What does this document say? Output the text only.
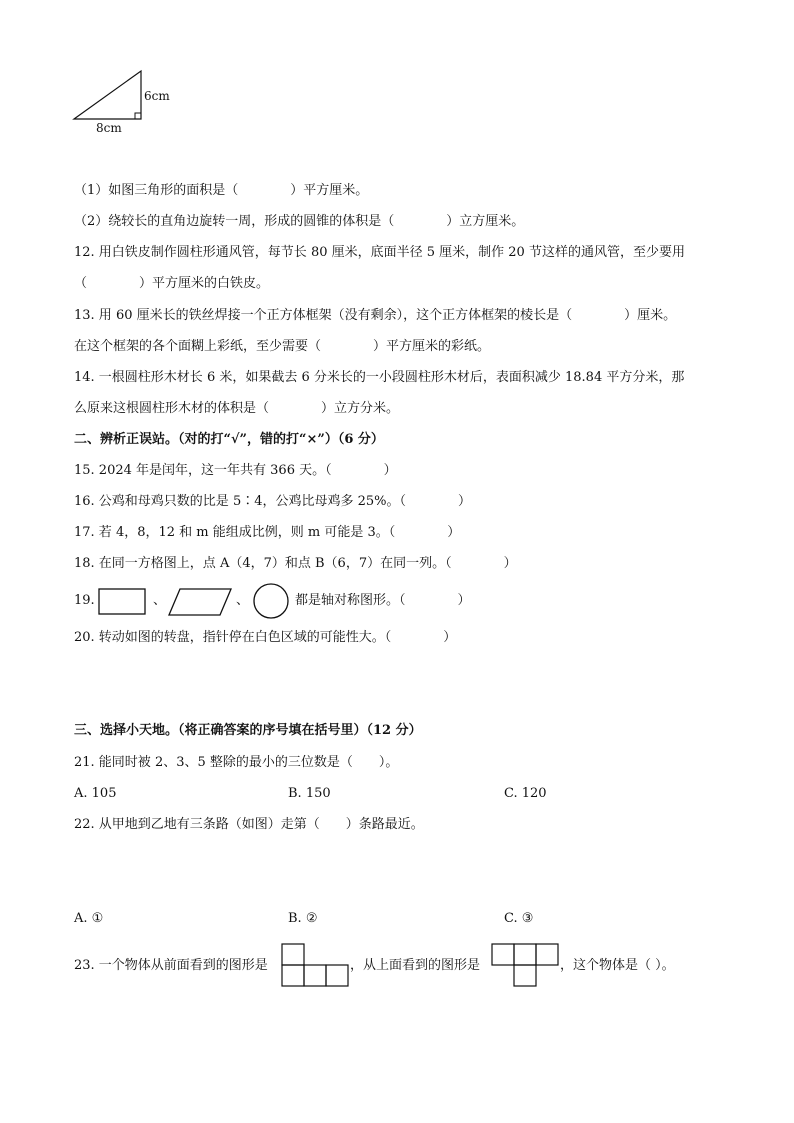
6cm
8cm
（1）如图三角形的面积是（　　　　）平方厘米。
（2）绕较长的直角边旋转一周，形成的圆锥的体积是（　　　　）立方厘米。
12. 用白铁皮制作圆柱形通风管，每节长 80 厘米，底面半径 5 厘米，制作 20 节这样的通风管，至少要用
（　　　　）平方厘米的白铁皮。
13. 用 60 厘米长的铁丝焊接一个正方体框架（没有剩余），这个正方体框架的棱长是（　　　　）厘米。
在这个框架的各个面糊上彩纸，至少需要（　　　　）平方厘米的彩纸。
14. 一根圆柱形木材长 6 米，如果截去 6 分米长的一小段圆柱形木材后，表面积减少 18.84 平方分米，那
么原来这根圆柱形木材的体积是（　　　　）立方分米。
二、辨析正误站。（对的打“√”，错的打“×”）（6 分）
15. 2024 年是闰年，这一年共有 366 天。（　　　　）
16. 公鸡和母鸡只数的比是 5∶4，公鸡比母鸡多 25%。（　　　　）
17. 若 4，8，12 和 m 能组成比例，则 m 可能是 3。（　　　　）
18. 在同一方格图上，点 A（4，7）和点 B（6，7）在同一列。（　　　　）
19.	、	、	都是轴对称图形。（　　　　）
20. 转动如图的转盘，指针停在白色区域的可能性大。（　　　　）
三、选择小天地。（将正确答案的序号填在括号里）（12 分）
21. 能同时被 2、3、5 整除的最小的三位数是（　　）。
A. 105	B. 150	C. 120
22. 从甲地到乙地有三条路（如图）走第（　　）条路最近。
A. ①	B. ②	C. ③
23. 一个物体从前面看到的图形是	，从上面看到的图形是	，这个物体是（ ）。
